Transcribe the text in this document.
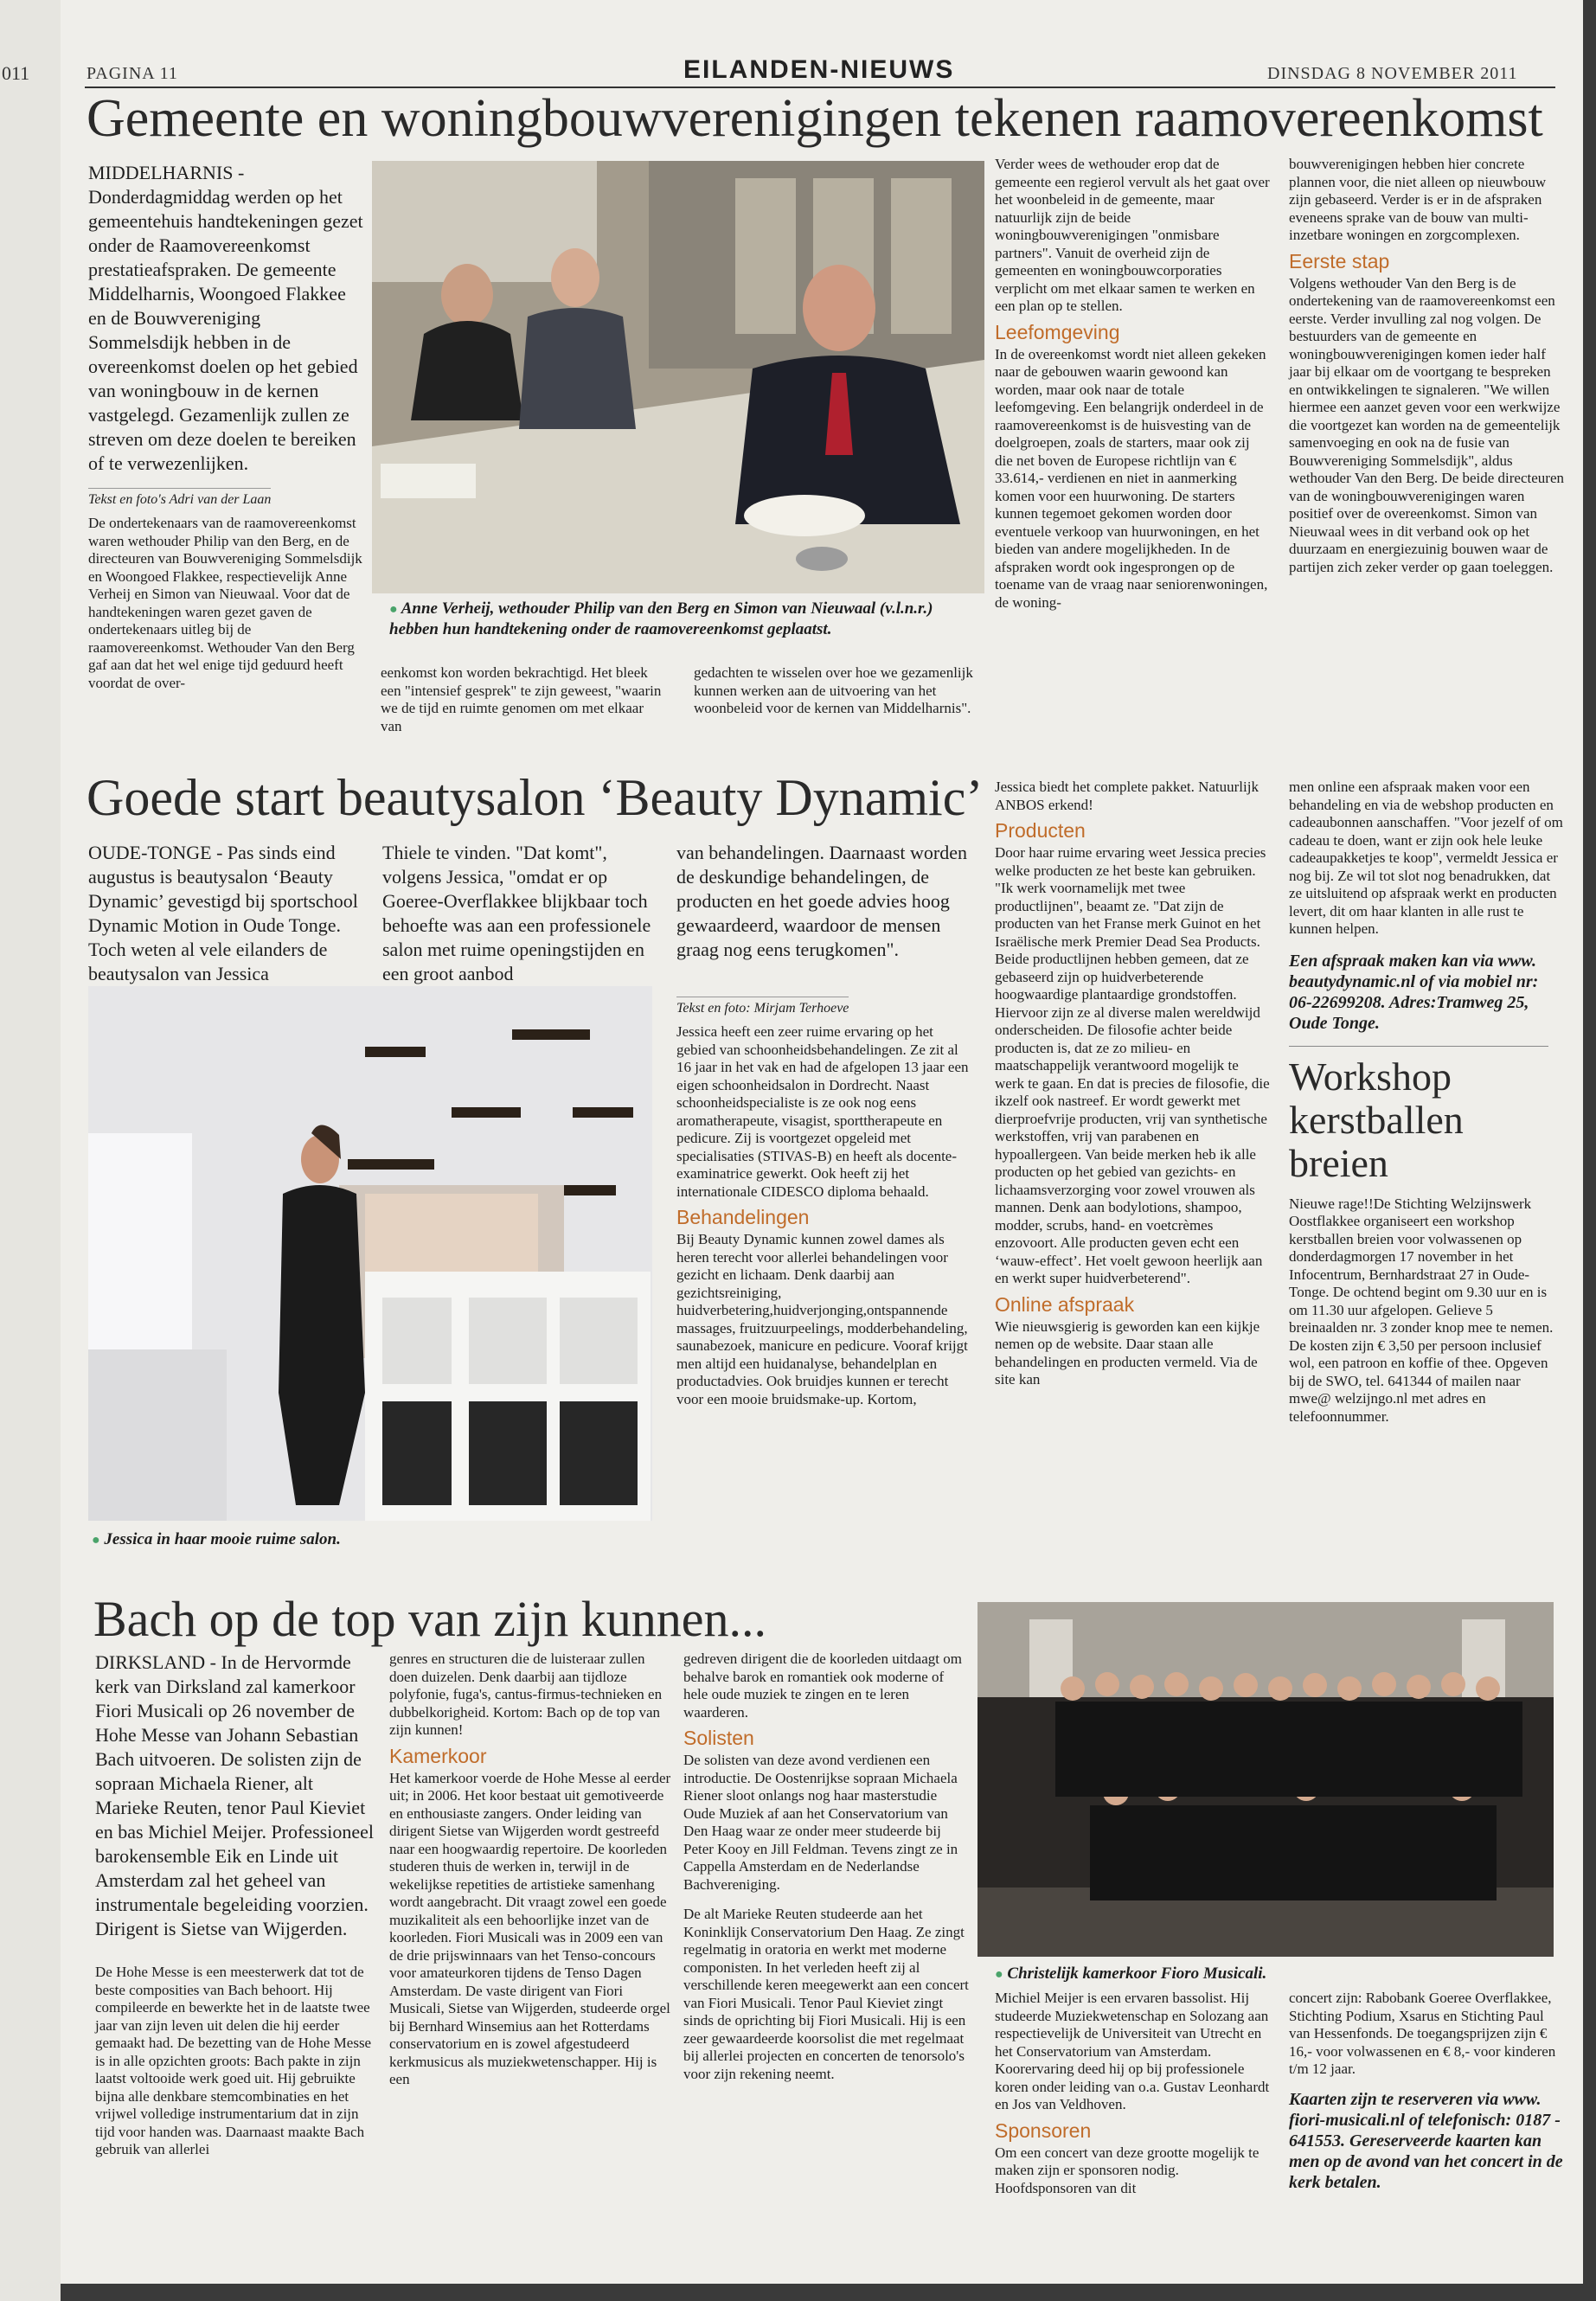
011	PAGINA 11	EILANDEN-NIEUWS	DINSDAG 8 NOVEMBER 2011
Gemeente en woningbouwverenigingen tekenen raamovereenkomst
MIDDELHARNIS - Donderdagmiddag werden op het gemeentehuis handtekeningen gezet onder de Raamovereenkomst prestatieafspraken. De gemeente Middelharnis, Woongoed Flakkee en de Bouwvereniging Sommelsdijk hebben in de overeenkomst doelen op het gebied van woningbouw in de kernen vastgelegd. Gezamenlijk zullen ze streven om deze doelen te bereiken of te verwezenlijken.
Tekst en foto's Adri van der Laan
De ondertekenaars van de raamovereenkomst waren wethouder Philip van den Berg, en de directeuren van Bouwvereniging Sommelsdijk en Woongoed Flakkee, respectievelijk Anne Verheij en Simon van Nieuwaal. Voor dat de handtekeningen waren gezet gaven de ondertekenaars uitleg bij de raamovereenkomst. Wethouder Van den Berg gaf aan dat het wel enige tijd geduurd heeft voordat de over-
● Anne Verheij, wethouder Philip van den Berg en Simon van Nieuwaal (v.l.n.r.) hebben hun handtekening onder de raamovereenkomst geplaatst.
eenkomst kon worden bekrachtigd. Het bleek een "intensief gesprek" te zijn geweest, "waarin we de tijd en ruimte genomen om met elkaar van
gedachten te wisselen over hoe we gezamenlijk kunnen werken aan de uitvoering van het woonbeleid voor de kernen van Middelharnis".
Verder wees de wethouder erop dat de gemeente een regierol vervult als het gaat over het woonbeleid in de gemeente, maar natuurlijk zijn de beide woningbouwverenigingen "onmisbare partners". Vanuit de overheid zijn de gemeenten en woningbouwcorporaties verplicht om met elkaar samen te werken en een plan op te stellen.
Leefomgeving
In de overeenkomst wordt niet alleen gekeken naar de gebouwen waarin gewoond kan worden, maar ook naar de totale leefomgeving. Een belangrijk onderdeel in de raamovereenkomst is de huisvesting van de doelgroepen, zoals de starters, maar ook zij die net boven de Europese richtlijn van € 33.614,- verdienen en niet in aanmerking komen voor een huurwoning. De starters kunnen tegemoet gekomen worden door eventuele verkoop van huurwoningen, en het bieden van andere mogelijkheden. In de afspraken wordt ook ingesprongen op de toename van de vraag naar seniorenwoningen, de woning-
bouwverenigingen hebben hier concrete plannen voor, die niet alleen op nieuwbouw zijn gebaseerd. Verder is er in de afspraken eveneens sprake van de bouw van multi-inzetbare woningen en zorgcomplexen.
Eerste stap
Volgens wethouder Van den Berg is de ondertekening van de raamovereenkomst een eerste. Verder invulling zal nog volgen. De bestuurders van de gemeente en woningbouwverenigingen komen ieder half jaar bij elkaar om de voortgang te bespreken en ontwikkelingen te signaleren. "We willen hiermee een aanzet geven voor een werkwijze die voortgezet kan worden na de gemeentelijk samenvoeging en ook na de fusie van Bouwvereniging Sommelsdijk", aldus wethouder Van den Berg. De beide directeuren van de woningbouwverenigingen waren positief over de overeenkomst. Simon van Nieuwaal wees in dit verband ook op het duurzaam en energiezuinig bouwen waar de partijen zich zeker verder op gaan toeleggen.
Goede start beautysalon ‘Beauty Dynamic’
OUDE-TONGE - Pas sinds eind augustus is beautysalon ‘Beauty Dynamic’ gevestigd bij sportschool Dynamic Motion in Oude Tonge. Toch weten al vele eilanders de beautysalon van Jessica
Thiele te vinden. "Dat komt", volgens Jessica, "omdat er op Goeree-Overflakkee blijkbaar toch behoefte was aan een professionele salon met ruime openingstijden en een groot aanbod
van behandelingen. Daarnaast worden de deskundige behandelingen, de producten en het goede advies hoog gewaardeerd, waardoor de mensen graag nog eens terugkomen".
● Jessica in haar mooie ruime salon.
Tekst en foto: Mirjam Terhoeve
Jessica heeft een zeer ruime ervaring op het gebied van schoonheidsbehandelingen. Ze zit al 16 jaar in het vak en had de afgelopen 13 jaar een eigen schoonheidsalon in Dordrecht. Naast schoonheidspecialiste is ze ook nog eens aromatherapeute, visagist, sporttherapeute en pedicure. Zij is voortgezet opgeleid met specialisaties (STIVAS-B) en heeft als docente-examinatrice gewerkt. Ook heeft zij het internationale CIDESCO diploma behaald.
Behandelingen
Bij Beauty Dynamic kunnen zowel dames als heren terecht voor allerlei behandelingen voor gezicht en lichaam. Denk daarbij aan gezichtsreiniging, huidverbetering,huidverjonging,ontspannende massages, fruitzuurpeelings, modderbehandeling, saunabezoek, manicure en pedicure. Vooraf krijgt men altijd een huidanalyse, behandelplan en productadvies. Ook bruidjes kunnen er terecht voor een mooie bruidsmake-up. Kortom,
Jessica biedt het complete pakket. Natuurlijk ANBOS erkend!
Producten
Door haar ruime ervaring weet Jessica precies welke producten ze het beste kan gebruiken. "Ik werk voornamelijk met twee productlijnen", beaamt ze. "Dat zijn de producten van het Franse merk Guinot en het Israëlische merk Premier Dead Sea Products. Beide productlijnen hebben gemeen, dat ze gebaseerd zijn op huidverbeterende hoogwaardige plantaardige grondstoffen. Hiervoor zijn ze al diverse malen wereldwijd onderscheiden. De filosofie achter beide producten is, dat ze zo milieu- en maatschappelijk verantwoord mogelijk te werk te gaan. En dat is precies de filosofie, die ikzelf ook nastreef. Er wordt gewerkt met dierproefvrije producten, vrij van synthetische werkstoffen, vrij van parabenen en hypoallergeen. Van beide merken heb ik alle producten op het gebied van gezichts- en lichaamsverzorging voor zowel vrouwen als mannen. Denk aan bodylotions, shampoo, modder, scrubs, hand- en voetcrèmes enzovoort. Alle producten geven echt een ‘wauw-effect’. Het voelt gewoon heerlijk aan en werkt super huidverbeterend".
Online afspraak
Wie nieuwsgierig is geworden kan een kijkje nemen op de website. Daar staan alle behandelingen en producten vermeld. Via de site kan
men online een afspraak maken voor een behandeling en via de webshop producten en cadeaubonnen aanschaffen. "Voor jezelf of om cadeau te doen, want er zijn ook hele leuke cadeaupakketjes te koop", vermeldt Jessica er nog bij. Ze wil tot slot nog benadrukken, dat ze uitsluitend op afspraak werkt en producten levert, dit om haar klanten in alle rust te kunnen helpen.
Een afspraak maken kan via www. beautydynamic.nl of via mobiel nr: 06-22699208. Adres:Tramweg 25, Oude Tonge.
Workshop kerstballen breien
Nieuwe rage!!De Stichting Welzijnswerk Oostflakkee organiseert een workshop kerstballen breien voor volwassenen op donderdagmorgen 17 november in het Infocentrum, Bernhardstraat 27 in Oude-Tonge. De ochtend begint om 9.30 uur en is om 11.30 uur afgelopen. Gelieve 5 breinaalden nr. 3 zonder knop mee te nemen. De kosten zijn € 3,50 per persoon inclusief wol, een patroon en koffie of thee. Opgeven bij de SWO, tel. 641344 of mailen naar mwe@ welzijngo.nl met adres en telefoonnummer.
Bach op de top van zijn kunnen...
DIRKSLAND - In de Hervormde kerk van Dirksland zal kamerkoor Fiori Musicali op 26 november de Hohe Messe van Johann Sebastian Bach uitvoeren. De solisten zijn de sopraan Michaela Riener, alt Marieke Reuten, tenor Paul Kieviet en bas Michiel Meijer. Professioneel barokensemble Eik en Linde uit Amsterdam zal het geheel van instrumentale begeleiding voorzien. Dirigent is Sietse van Wijgerden.
De Hohe Messe is een meesterwerk dat tot de beste composities van Bach behoort. Hij compileerde en bewerkte het in de laatste twee jaar van zijn leven uit delen die hij eerder gemaakt had. De bezetting van de Hohe Messe is in alle opzichten groots: Bach pakte in zijn laatst voltooide werk goed uit. Hij gebruikte bijna alle denkbare stemcombinaties en het vrijwel volledige instrumentarium dat in zijn tijd voor handen was. Daarnaast maakte Bach gebruik van allerlei
genres en structuren die de luisteraar zullen doen duizelen. Denk daarbij aan tijdloze polyfonie, fuga's, cantus-firmus-technieken en dubbelkorigheid. Kortom: Bach op de top van zijn kunnen!
Kamerkoor
Het kamerkoor voerde de Hohe Messe al eerder uit; in 2006. Het koor bestaat uit gemotiveerde en enthousiaste zangers. Onder leiding van dirigent Sietse van Wijgerden wordt gestreefd naar een hoogwaardig repertoire. De koorleden studeren thuis de werken in, terwijl in de wekelijkse repetities de artistieke samenhang wordt aangebracht. Dit vraagt zowel een goede muzikaliteit als een behoorlijke inzet van de koorleden. Fiori Musicali was in 2009 een van de drie prijswinnaars van het Tenso-concours voor amateurkoren tijdens de Tenso Dagen Amsterdam. De vaste dirigent van Fiori Musicali, Sietse van Wijgerden, studeerde orgel bij Bernhard Winsemius aan het Rotterdams conservatorium en is zowel afgestudeerd kerkmusicus als muziekwetenschapper. Hij is een
gedreven dirigent die de koorleden uitdaagt om behalve barok en romantiek ook moderne of hele oude muziek te zingen en te leren waarderen.
Solisten
De solisten van deze avond verdienen een introductie. De Oostenrijkse sopraan Michaela Riener sloot onlangs nog haar masterstudie Oude Muziek af aan het Conservatorium van Den Haag waar ze onder meer studeerde bij Peter Kooy en Jill Feldman. Tevens zingt ze in Cappella Amsterdam en de Nederlandse Bachvereniging.
De alt Marieke Reuten studeerde aan het Koninklijk Conservatorium Den Haag. Ze zingt regelmatig in oratoria en werkt met moderne componisten. In het verleden heeft zij al verschillende keren meegewerkt aan een concert van Fiori Musicali. Tenor Paul Kieviet zingt sinds de oprichting bij Fiori Musicali. Hij is een zeer gewaardeerde koorsolist die met regelmaat bij allerlei projecten en concerten de tenorsolo's voor zijn rekening neemt.
● Christelijk kamerkoor Fioro Musicali.
Michiel Meijer is een ervaren bassolist. Hij studeerde Muziekwetenschap en Solozang aan respectievelijk de Universiteit van Utrecht en het Conservatorium van Amsterdam. Koorervaring deed hij op bij professionele koren onder leiding van o.a. Gustav Leonhardt en Jos van Veldhoven.
Sponsoren
Om een concert van deze grootte mogelijk te maken zijn er sponsoren nodig. Hoofdsponsoren van dit
concert zijn: Rabobank Goeree Overflakkee, Stichting Podium, Xsarus en Stichting Paul van Hessenfonds. De toegangsprijzen zijn € 16,- voor volwassenen en € 8,- voor kinderen t/m 12 jaar.
Kaarten zijn te reserveren via www. fiori-musicali.nl of telefonisch: 0187 - 641553. Gereserveerde kaarten kan men op de avond van het concert in de kerk betalen.
